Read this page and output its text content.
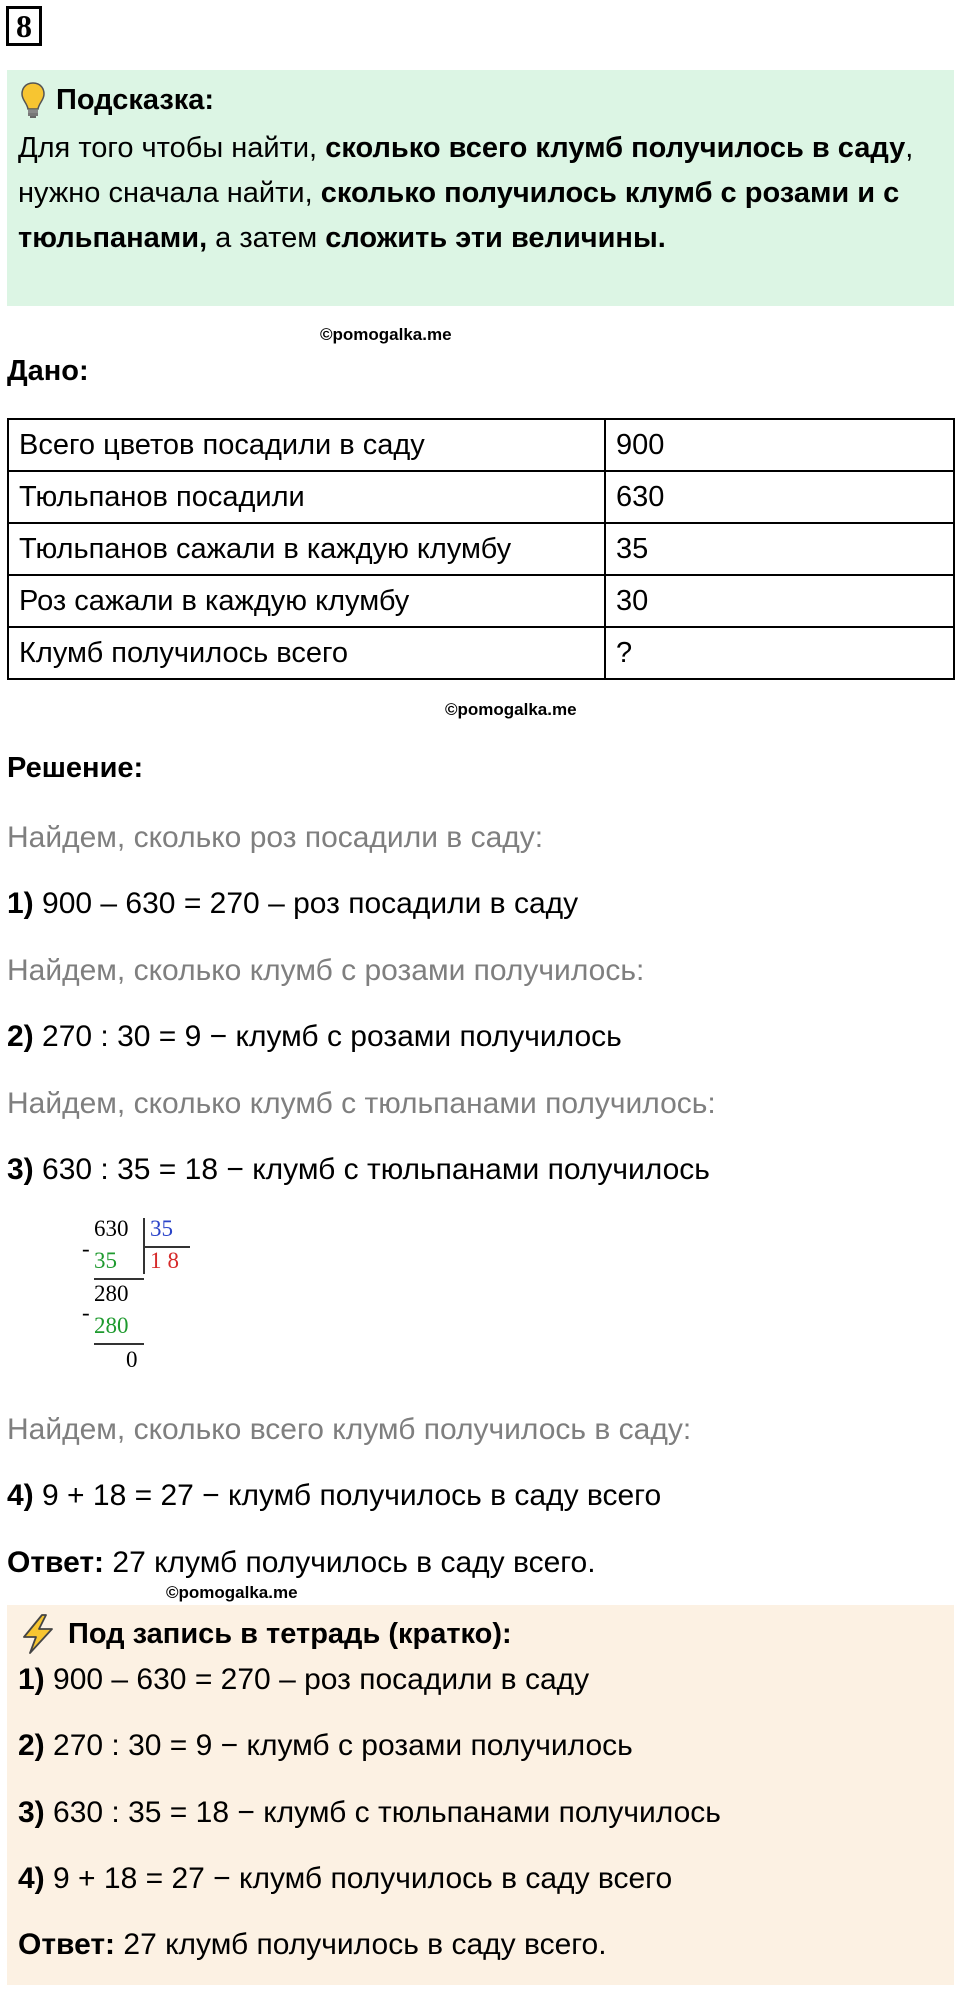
8
Подсказка:
Для того чтобы найти, сколько всего клумб получилось в саду, нужно сначала найти, сколько получилось клумб с розами и с тюльпанами, а затем сложить эти величины.
©pomogalka.me
Дано:
Всего цветов посадили в саду	900
Тюльпанов посадили	630
Тюльпанов сажали в каждую клумбу	35
Роз сажали в каждую клумбу	30
Клумб получилось всего	?
©pomogalka.me
Решение:
Найдем, сколько роз посадили в саду:
1) 900 – 630 = 270 – роз посадили в саду
Найдем, сколько клумб с розами получилось:
2) 270 : 30 = 9 − клумб с розами получилось
Найдем, сколько клумб с тюльпанами получилось:
3) 630 : 35 = 18 − клумб с тюльпанами получилось
630 35
- 35 18
280
-
280
0
Найдем, сколько всего клумб получилось в саду:
4) 9 + 18 = 27 − клумб получилось в саду всего
Ответ: 27 клумб получилось в саду всего.
©pomogalka.me
Под запись в тетрадь (кратко):
1) 900 – 630 = 270 – роз посадили в саду
2) 270 : 30 = 9 − клумб с розами получилось
3) 630 : 35 = 18 − клумб с тюльпанами получилось
4) 9 + 18 = 27 − клумб получилось в саду всего
Ответ: 27 клумб получилось в саду всего.
